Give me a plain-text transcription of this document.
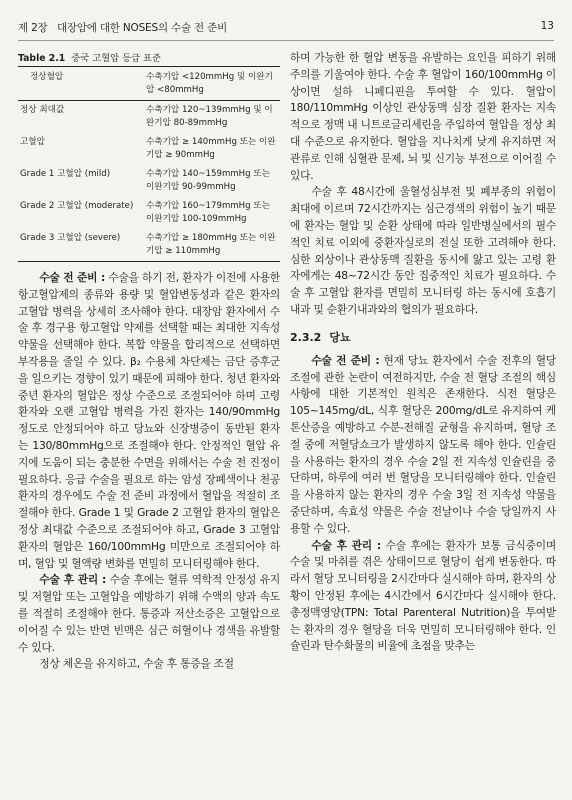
제 2장 대장암에 대한 NOSES의 수술 전 준비	13
Table 2.1 중국 고혈압 등급 표준
정상혈압	수축기압 <120mmHg 및 이완기압 <80mmHg
정상 최대값	수축기압 120~139mmHg 및 이완기압 80-89mmHg
고혈압	수축기압 ≥ 140mmHg 또는 이완기압 ≥ 90mmHg
Grade 1 고혈압 (mild)	수축기압 140~159mmHg 또는 이완기압 90-99mmHg
Grade 2 고혈압 (moderate)	수축기압 160~179mmHg 또는 이완기압 100-109mmHg
Grade 3 고혈압 (severe)	수축기압 ≥ 180mmHg 또는 이완기압 ≥ 110mmHg

수술 전 준비 : 수술을 하기 전, 환자가 이전에 사용한 항고혈압제의 종류와 용량 및 혈압변동성과 같은 환자의 고혈압 병력을 상세히 조사해야 한다. 대장암 환자에서 수술 후 경구용 항고혈압 약제를 선택할 때는 최대한 지속성 약물을 선택해야 한다. 복합 약물을 합리적으로 선택하면 부작용을 줄일 수 있다. β₂ 수용체 차단제는 금단 증후군을 일으키는 경향이 있기 때문에 피해야 한다. 청년 환자와 중년 환자의 혈압은 정상 수준으로 조절되어야 하며 고령 환자와 오랜 고혈압 병력을 가진 환자는 140/90mmHg 정도로 안정되어야 하고 당뇨와 신장병증이 동반된 환자는 130/80mmHg으로 조절해야 한다. 안정적인 혈압 유지에 도움이 되는 충분한 수면을 위해서는 수술 전 진정이 필요하다. 응급 수술을 필요로 하는 암성 장폐색이나 천공 환자의 경우에도 수술 전 준비 과정에서 혈압을 적절히 조절해야 한다. Grade 1 및 Grade 2 고혈압 환자의 혈압은 정상 최대값 수준으로 조절되어야 하고, Grade 3 고혈압 환자의 혈압은 160/100mmHg 미만으로 조절되어야 하며, 혈압 및 혈액량 변화를 면밀히 모니터링해야 한다.

수술 후 관리 : 수술 후에는 혈류 역학적 안정성 유지 및 저혈압 또는 고혈압을 예방하기 위해 수액의 양과 속도를 적절히 조절해야 한다. 통증과 저산소증은 고혈압으로 이어질 수 있는 반면 빈맥은 심근 허혈이나 경색을 유발할 수 있다.

정상 체온을 유지하고, 수술 후 통증을 조절

하며 가능한 한 혈압 변동을 유발하는 요인을 피하기 위해 주의를 기울여야 한다. 수술 후 혈압이 160/100mmHg 이상이면 설하 니페디핀을 투여할 수 있다. 혈압이 180/110mmHg 이상인 관상동맥 심장 질환 환자는 지속적으로 정맥 내 니트로글리세린을 주입하여 혈압을 정상 최대 수준으로 유지한다. 혈압을 지나치게 낮게 유지하면 저관류로 인해 심혈관 문제, 뇌 및 신기능 부전으로 이어질 수 있다.

수술 후 48시간에 울혈성심부전 및 폐부종의 위험이 최대에 이르며 72시간까지는 심근경색의 위험이 높기 때문에 환자는 혈압 및 순환 상태에 따라 일반병실에서의 필수적인 치료 이외에 중환자실로의 전실 또한 고려해야 한다. 심한 외상이나 관상동맥 질환을 동시에 앓고 있는 고령 환자에게는 48~72시간 동안 집중적인 치료가 필요하다. 수술 후 고혈압 환자를 면밀히 모니터링 하는 동시에 호흡기내과 및 순환기내과와의 협의가 필요하다.

2.3.2 당뇨

수술 전 준비 : 현재 당뇨 환자에서 수술 전후의 혈당 조절에 관한 논란이 여전하지만, 수술 전 혈당 조절의 핵심 사항에 대한 기본적인 원칙은 존재한다. 식전 혈당은 105~145mg/dL, 식후 혈당은 200mg/dL로 유지하여 케톤산증을 예방하고 수분-전해질 균형을 유지하며, 혈당 조절 중에 저혈당쇼크가 발생하지 않도록 해야 한다. 인슐린을 사용하는 환자의 경우 수술 2일 전 지속성 인슐린을 중단하며, 하루에 여러 번 혈당을 모니터링해야 한다. 인슐린을 사용하지 않는 환자의 경우 수술 3일 전 지속성 약물을 중단하며, 속효성 약물은 수술 전날이나 수술 당일까지 사용할 수 있다.

수술 후 관리 : 수술 후에는 환자가 보통 금식중이며 수술 및 마취를 겪은 상태이므로 혈당이 쉽게 변동한다. 따라서 혈당 모니터링을 2시간마다 실시해야 하며, 환자의 상황이 안정된 후에는 4시간에서 6시간마다 실시해야 한다. 총정맥영양(TPN: Total Parenteral Nutrition)을 투여받는 환자의 경우 혈당을 더욱 면밀히 모니터링해야 한다. 인슐린과 탄수화물의 비율에 초점을 맞추는
